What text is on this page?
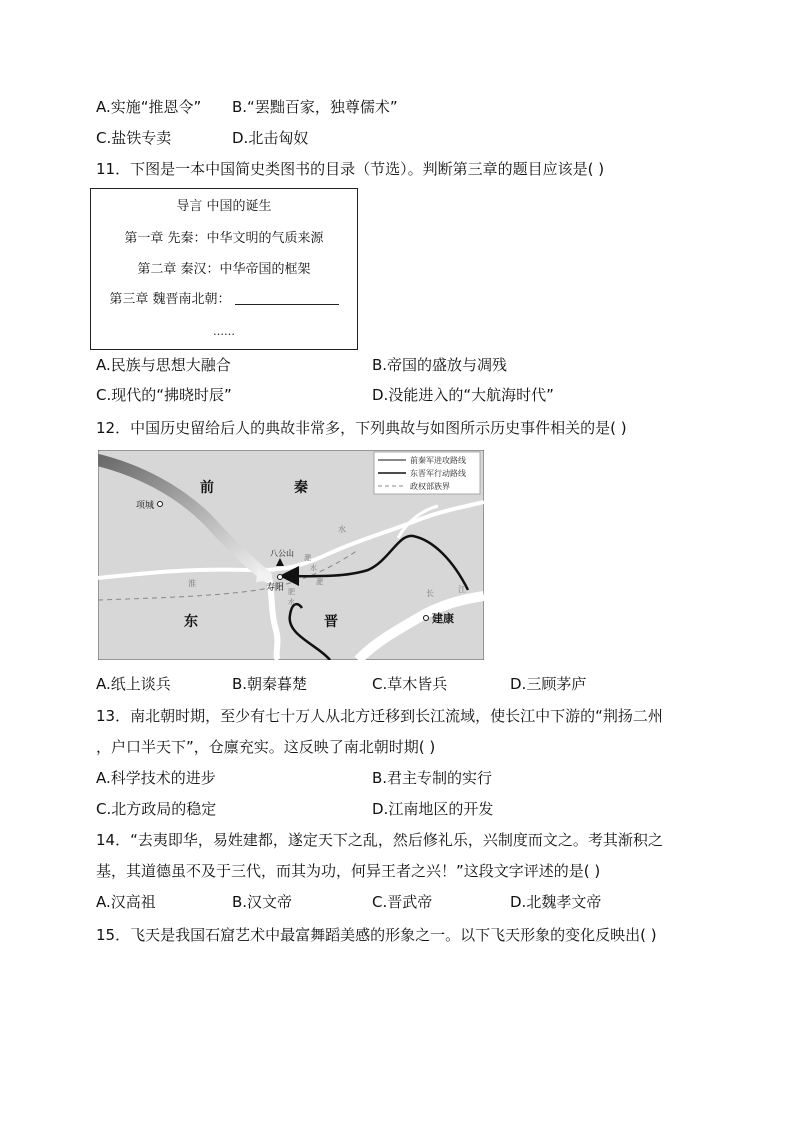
A.实施“推恩令” B.“罢黜百家，独尊儒术”
C.盐铁专卖	D.北击匈奴
11．下图是一本中国简史类图书的目录（节选）。判断第三章的题目应该是( )
导言 中国的诞生
第一章 先秦：中华文明的气质来源
第二章 秦汉：中华帝国的框架
第三章 魏晋南北朝：
……
A.民族与思想大融合	B.帝国的盛放与凋残
C.现代的“拂晓时辰”	D.没能进入的“大航海时代”
12．中国历史留给后人的典故非常多，下列典故与如图所示历史事件相关的是( )
前秦军进攻路线
东晋军行动路线
政权部族界
前	秦
东	晋
项城
八公山
寿阳
建康
淮
水
长	江
淝
水
淝
肥
水
A.纸上谈兵	B.朝秦暮楚	C.草木皆兵	D.三顾茅庐
13．南北朝时期，至少有七十万人从北方迁移到长江流域，使长江中下游的“荆扬二州
，户口半天下”，仓廪充实。这反映了南北朝时期( )
A.科学技术的进步	B.君主专制的实行
C.北方政局的稳定	D.江南地区的开发
14．“去夷即华，易姓建都，遂定天下之乱，然后修礼乐，兴制度而文之。考其渐积之
基，其道德虽不及于三代，而其为功，何异王者之兴！”这段文字评述的是( )
A.汉高祖	B.汉文帝	C.晋武帝	D.北魏孝文帝
15．飞天是我国石窟艺术中最富舞蹈美感的形象之一。以下飞天形象的变化反映出( )
